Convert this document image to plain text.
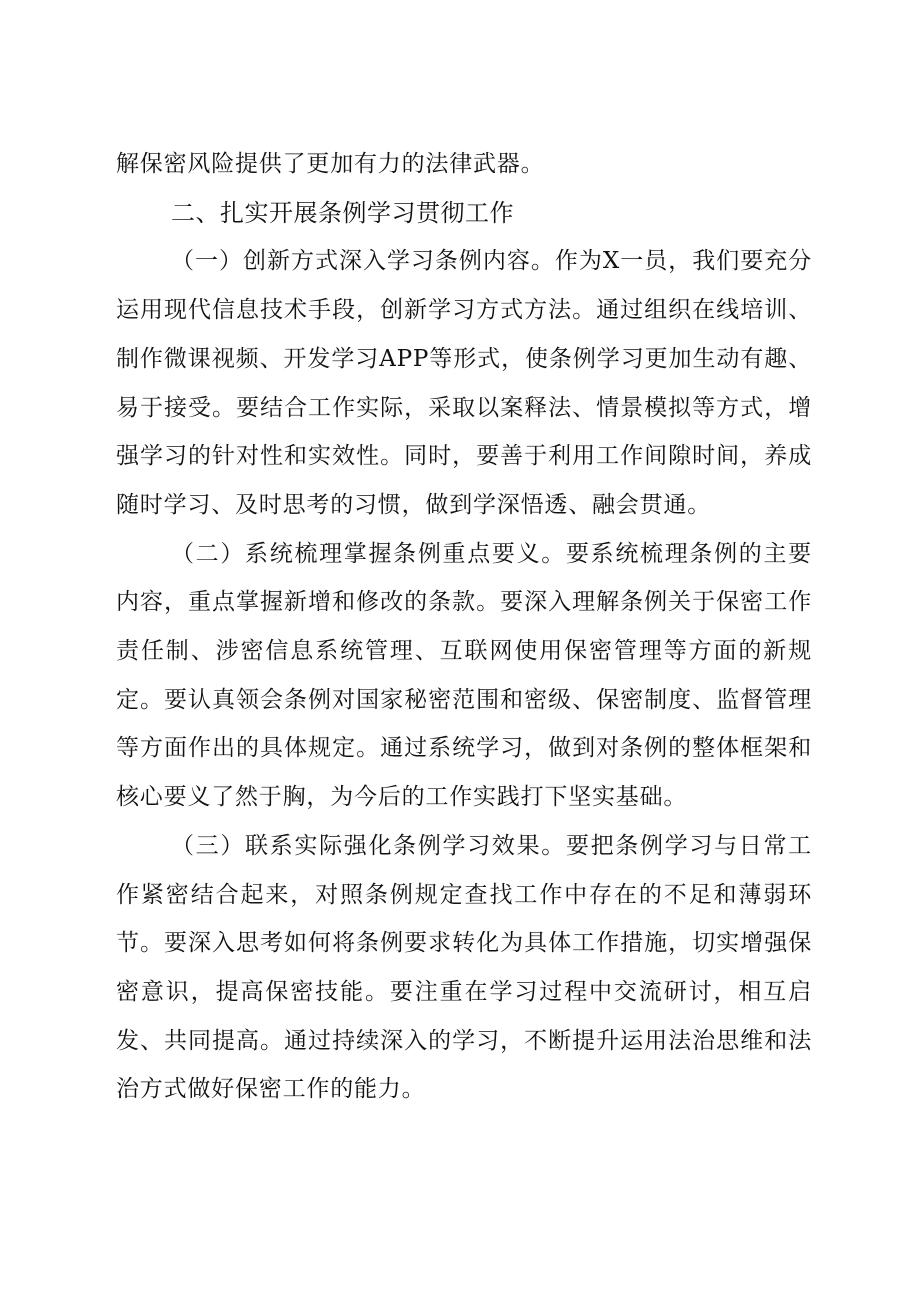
解保密风险提供了更加有力的法律武器。

二、扎实开展条例学习贯彻工作

（一）创新方式深入学习条例内容。作为X一员，我们要充分运用现代信息技术手段，创新学习方式方法。通过组织在线培训、制作微课视频、开发学习APP等形式，使条例学习更加生动有趣、易于接受。要结合工作实际，采取以案释法、情景模拟等方式，增强学习的针对性和实效性。同时，要善于利用工作间隙时间，养成随时学习、及时思考的习惯，做到学深悟透、融会贯通。

（二）系统梳理掌握条例重点要义。要系统梳理条例的主要内容，重点掌握新增和修改的条款。要深入理解条例关于保密工作责任制、涉密信息系统管理、互联网使用保密管理等方面的新规定。要认真领会条例对国家秘密范围和密级、保密制度、监督管理等方面作出的具体规定。通过系统学习，做到对条例的整体框架和核心要义了然于胸，为今后的工作实践打下坚实基础。

（三）联系实际强化条例学习效果。要把条例学习与日常工作紧密结合起来，对照条例规定查找工作中存在的不足和薄弱环节。要深入思考如何将条例要求转化为具体工作措施，切实增强保密意识，提高保密技能。要注重在学习过程中交流研讨，相互启发、共同提高。通过持续深入的学习，不断提升运用法治思维和法治方式做好保密工作的能力。
